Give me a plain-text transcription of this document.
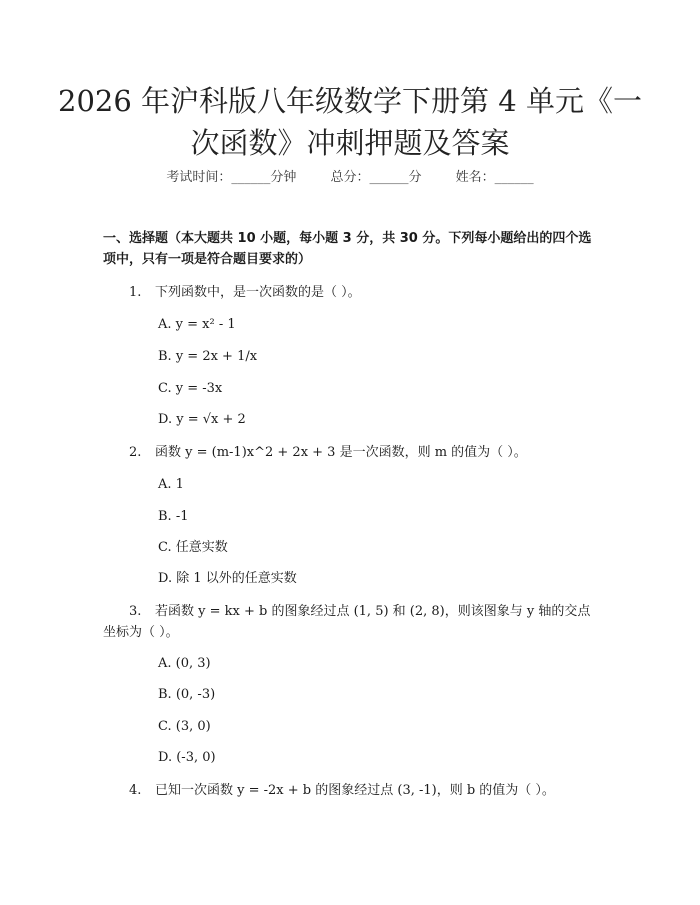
2026 年沪科版八年级数学下册第 4 单元《一次函数》冲刺押题及答案
考试时间：______分钟	总分：______分	姓名：______
一、选择题（本大题共 10 小题，每小题 3 分，共 30 分。下列每小题给出的四个选项中，只有一项是符合题目要求的）
1. 下列函数中，是一次函数的是（ ）。
A. y = x² - 1
B. y = 2x + 1/x
C. y = -3x
D. y = √x + 2
2. 函数 y = (m-1)x^2 + 2x + 3 是一次函数，则 m 的值为（ ）。
A. 1
B. -1
C. 任意实数
D. 除 1 以外的任意实数
3. 若函数 y = kx + b 的图象经过点 (1, 5) 和 (2, 8)，则该图象与 y 轴的交点坐标为（ ）。
A. (0, 3)
B. (0, -3)
C. (3, 0)
D. (-3, 0)
4. 已知一次函数 y = -2x + b 的图象经过点 (3, -1)，则 b 的值为（ ）。
